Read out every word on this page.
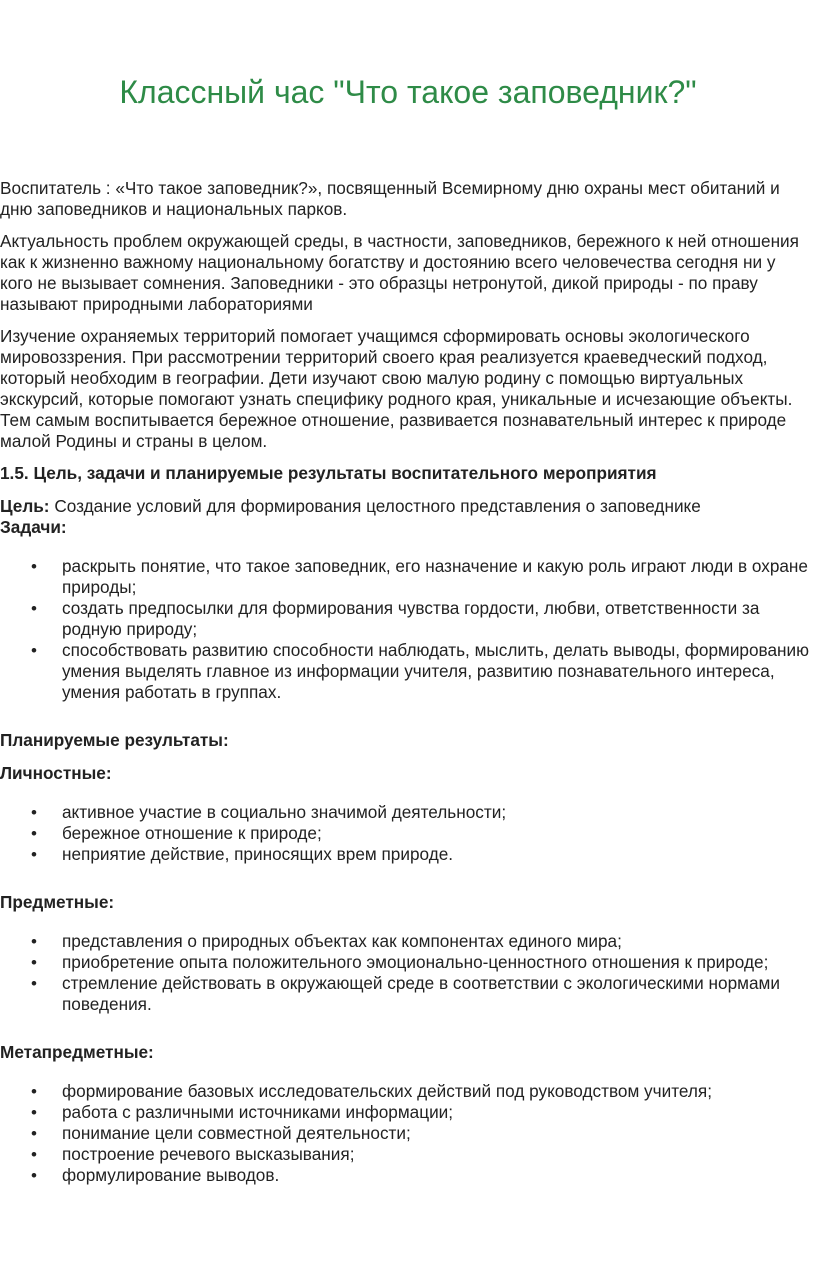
Классный час "Что такое заповедник?"

Воспитатель : «Что такое заповедник?», посвященный Всемирному дню охраны мест обитаний и дню заповедников и национальных парков.

Актуальность проблем окружающей среды, в частности, заповедников, бережного к ней отношения как к жизненно важному национальному богатству и достоянию всего человечества сегодня ни у кого не вызывает сомнения. Заповедники - это образцы нетронутой, дикой природы - по праву называют природными лабораториями

Изучение охраняемых территорий помогает учащимся сформировать основы экологического мировоззрения. При рассмотрении территорий своего края реализуется краеведческий подход, который необходим в географии. Дети изучают свою малую родину с помощью виртуальных экскурсий, которые помогают узнать специфику родного края, уникальные и исчезающие объекты. Тем самым воспитывается бережное отношение, развивается познавательный интерес к природе малой Родины и страны в целом.

1.5. Цель, задачи и планируемые результаты воспитательного мероприятия

Цель: Создание условий для формирования целостного представления о заповеднике
Задачи:
• раскрыть понятие, что такое заповедник, его назначение и какую роль играют люди в охране природы;
• создать предпосылки для формирования чувства гордости, любви, ответственности за родную природу;
• способствовать развитию способности наблюдать, мыслить, делать выводы, формированию умения выделять главное из информации учителя, развитию познавательного интереса, умения работать в группах.
Планируемые результаты:
Личностные:
• активное участие в социально значимой деятельности;
• бережное отношение к природе;
• неприятие действие, приносящих врем природе.
Предметные:
• представления о природных объектах как компонентах единого мира;
• приобретение опыта положительного эмоционально-ценностного отношения к природе;
• стремление действовать в окружающей среде в соответствии с экологическими нормами поведения.
Метапредметные:
• формирование базовых исследовательских действий под руководством учителя;
• работа с различными источниками информации;
• понимание цели совместной деятельности;
• построение речевого высказывания;
• формулирование выводов.
